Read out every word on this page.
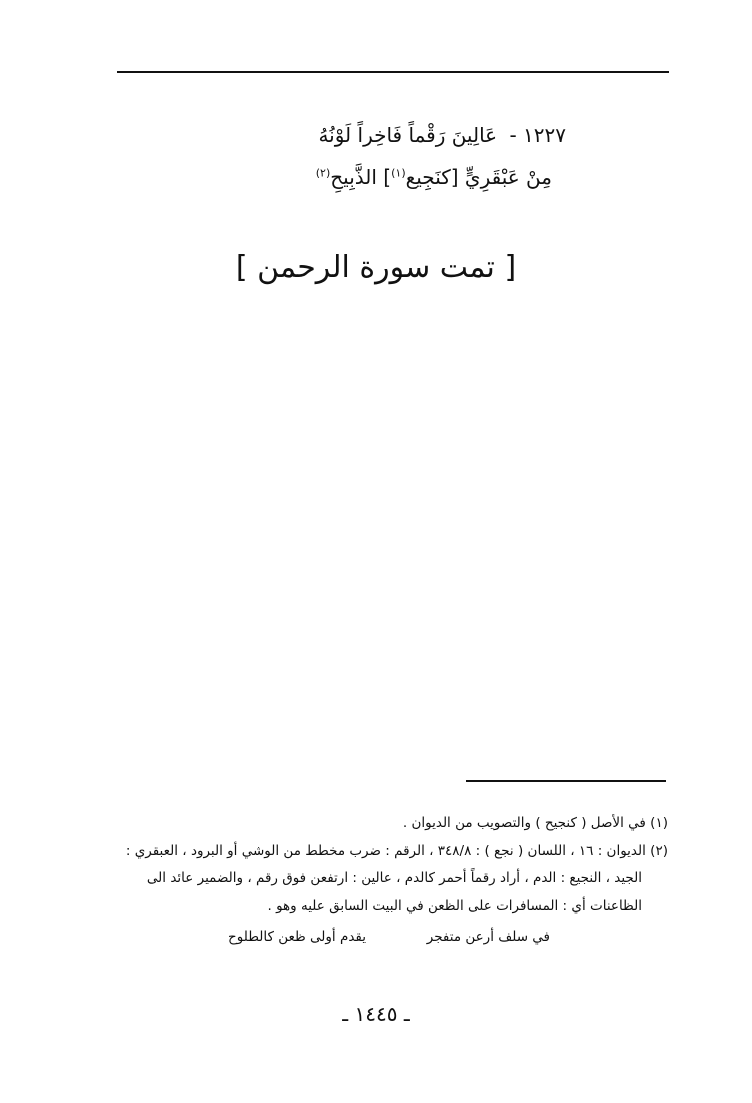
١٢٢٧ - عَالِينَ رَقْماً فَاخِراً لَوْنُهُ
مِنْ عَبْقَرِيٍّ [كنَجِيع$^{(١)}$] الذَّبِيحِ$^{(٢)}$
[ تمت سورة الرحمن ]
(١) في الأصل ( كنجيح ) والتصويب من الديوان .
(٢) الديوان : ١٦ ، اللسان ( نجع ) : ٣٤٨/٨ ، الرقم : ضرب مخطط من الوشي أو البرود ، العبقري :
الجيد ، النجيع : الدم ، أراد رقماً أحمر كالدم ، عالين : ارتفعن فوق رقم ، والضمير عائد الى
الظاعنات أي : المسافرات على الظعن في البيت السابق عليه وهو .
في سلف أرعن متفجر
يقدم أولى ظعن كالطلوح
ـ ١٤٤٥ ـ
